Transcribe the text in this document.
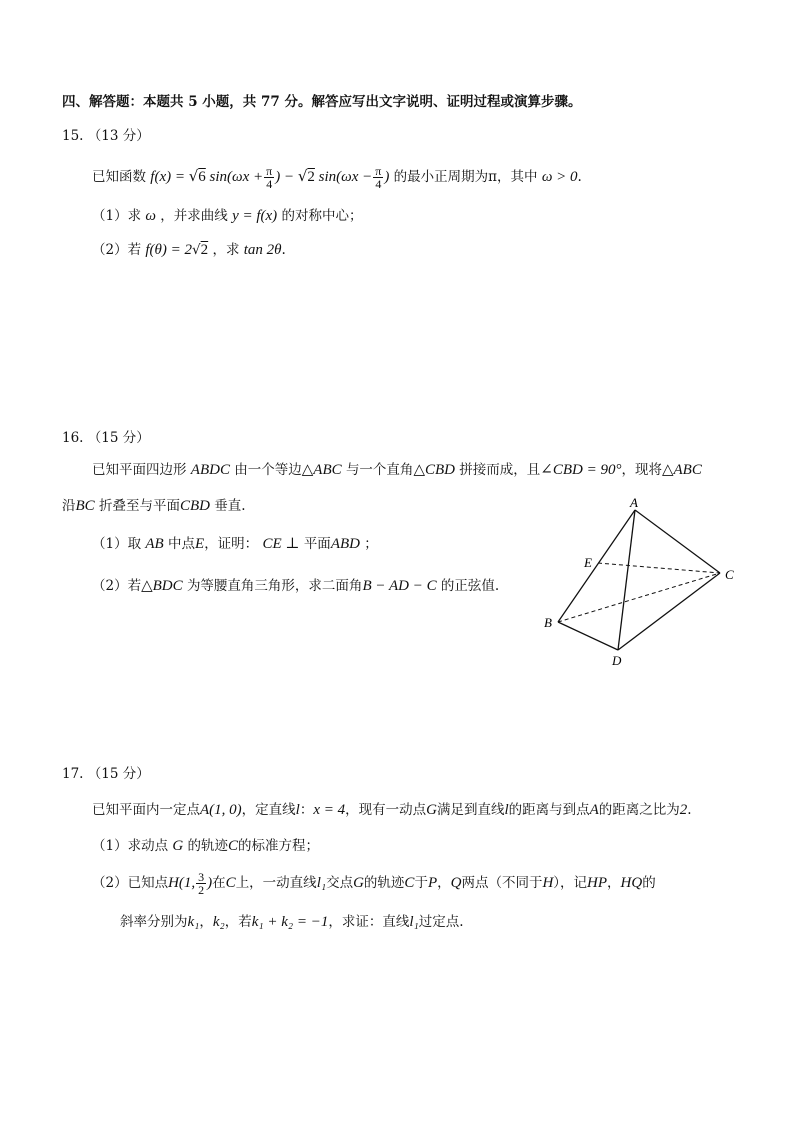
四、解答题：本题共 5 小题，共 77 分。解答应写出文字说明、证明过程或演算步骤。
15. （13 分）
已知函数 f(x) = √6 $\sin(\omega x + \frac{\pi}{4}$ ) − √2 $\sin(\omega x - \frac{\pi}{4}$ ) 的最小正周期为π，其中 ω > 0.
（1）求 ω ，并求曲线 y = f(x) 的对称中心；
（2）若 f(θ) = 2√2 ，求 tan 2θ.
16. （15 分）
已知平面四边形 ABDC 由一个等边△ABC 与一个直角△CBD 拼接而成，且∠CBD = 90°，现将△ABC
沿BC 折叠至与平面CBD 垂直.
（1）取 AB 中点E，证明： CE ⊥ 平面ABD ；
（2）若△BDC 为等腰直角三角形，求二面角B − AD − C 的正弦值.
A
B
C
D
E
17. （15 分）
已知平面内一定点A(1, 0)，定直线l：x = 4，现有一动点G满足到直线l的距离与到点A的距离之比为2.
（1）求动点 G 的轨迹C的标准方程；
（2）已知点H(1, $\frac{3}{2}$ )在C上，一动直线l₁交点G的轨迹C于P，Q两点（不同于H），记HP，HQ的
斜率分别为k₁，k₂，若k₁ + k₂ = −1，求证：直线l₁过定点.
